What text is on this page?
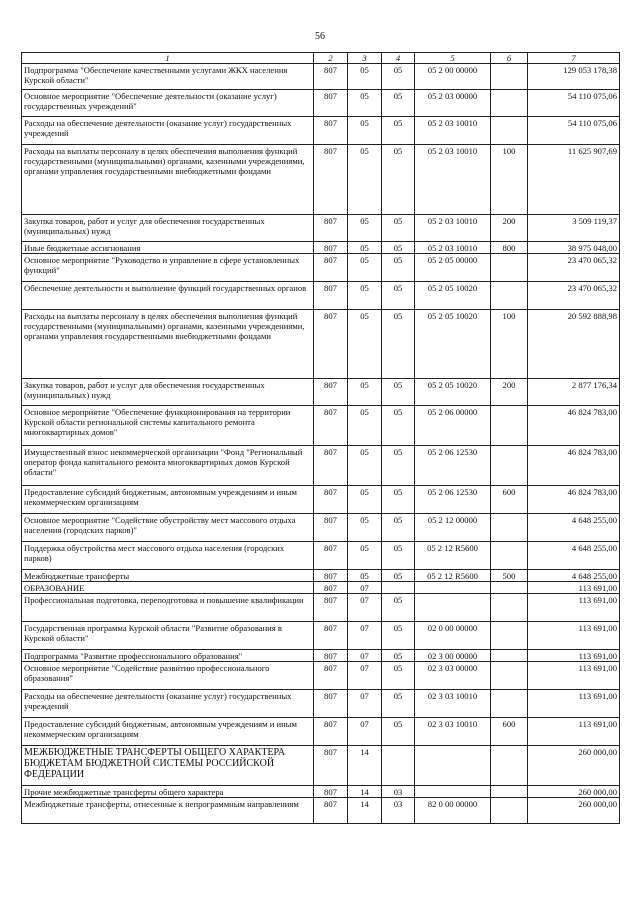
56
1	2	3	4	5	6	7
Подпрограмма "Обеспечение качественными услугами ЖКХ населения Курской области"	807	05	05	05 2 00 00000		129 053 178,38
Основное мероприятие "Обеспечение деятельности (оказание услуг) государственных учреждений"	807	05	05	05 2 03 00000		54 110 075,06
Расходы на обеспечение деятельности (оказание услуг) государственных учреждений	807	05	05	05 2 03 10010		54 110 075,06
Расходы на выплаты персоналу в целях обеспечения выполнения функций государственными (муниципальными) органами, казенными учреждениями, органами управления государственными внебюджетными фондами	807	05	05	05 2 03 10010	100	11 625 907,69
Закупка товаров, работ и услуг для обеспечения государственных (муниципальных) нужд	807	05	05	05 2 03 10010	200	3 509 119,37
Иные бюджетные ассигнования	807	05	05	05 2 03 10010	800	38 975 048,00
Основное мероприятие "Руководство и управление в сфере установленных функций"	807	05	05	05 2 05 00000		23 470 065,32
Обеспечение деятельности и выполнение функций государственных органов	807	05	05	05 2 05 10020		23 470 065,32
Расходы на выплаты персоналу в целях обеспечения выполнения функций государственными (муниципальными) органами, казенными учреждениями, органами управления государственными внебюджетными фондами	807	05	05	05 2 05 10020	100	20 592 888,98
Закупка товаров, работ и услуг для обеспечения государственных (муниципальных) нужд	807	05	05	05 2 05 10020	200	2 877 176,34
Основное мероприятие "Обеспечение функционирования на территории Курской области региональной системы капитального ремонта многоквартирных домов"	807	05	05	05 2 06 00000		46 824 783,00
Имущественный взнос некоммерческой организации "Фонд "Региональный оператор фонда капитального ремонта многоквартирных домов Курской области"	807	05	05	05 2 06 12530		46 824 783,00
Предоставление субсидий бюджетным, автономным учреждениям и иным некоммерческим организациям	807	05	05	05 2 06 12530	600	46 824 783,00
Основное мероприятие "Содействие обустройству мест массового отдыха населения (городских парков)"	807	05	05	05 2 12 00000		4 648 255,00
Поддержка обустройства мест массового отдыха населения (городских парков)	807	05	05	05 2 12 R5600		4 648 255,00
Межбюджетные трансферты	807	05	05	05 2 12 R5600	500	4 648 255,00
ОБРАЗОВАНИЕ	807	07				113 691,00
Профессиональная подготовка, переподготовка и повышение квалификации	807	07	05			113 691,00
Государственная программа Курской области "Развитие образования в Курской области"	807	07	05	02 0 00 00000		113 691,00
Подпрограмма "Развитие профессионального образования"	807	07	05	02 3 00 00000		113 691,00
Основное мероприятие "Содействие развитию профессионального образования"	807	07	05	02 3 03 00000		113 691,00
Расходы на обеспечение деятельности (оказание услуг) государственных учреждений	807	07	05	02 3 03 10010		113 691,00
Предоставление субсидий бюджетным, автономным учреждениям и иным некоммерческим организациям	807	07	05	02 3 03 10010	600	113 691,00
МЕЖБЮДЖЕТНЫЕ ТРАНСФЕРТЫ ОБЩЕГО ХАРАКТЕРА БЮДЖЕТАМ БЮДЖЕТНОЙ СИСТЕМЫ РОССИЙСКОЙ ФЕДЕРАЦИИ	807	14				260 000,00
Прочие межбюджетные трансферты общего характера	807	14	03			260 000,00
Межбюджетные трансферты, отнесенные к непрограммным направлениям	807	14	03	82 0 00 00000		260 000,00
